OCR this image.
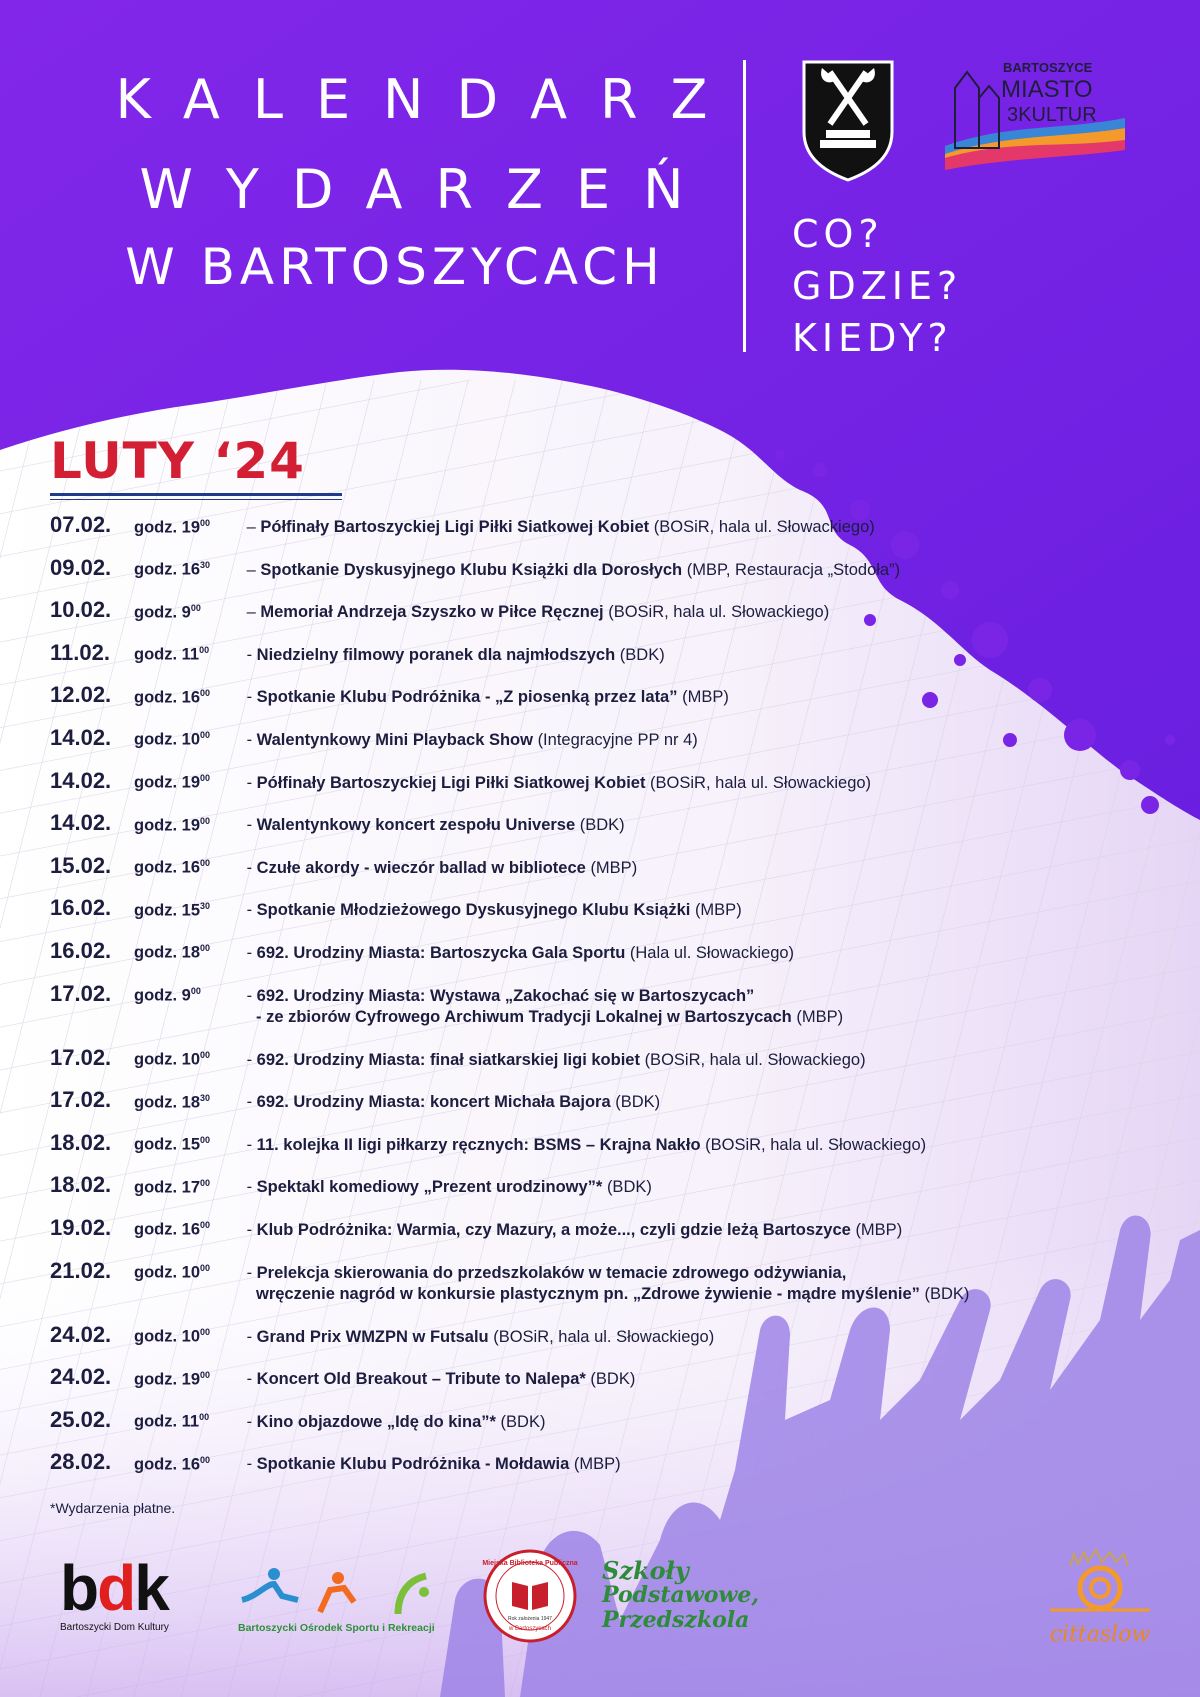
KALENDARZ
WYDARZEŃ
W BARTOSZYCACH
BARTOSZYCE
MIASTO
3KULTUR
CO?
GDZIE?
KIEDY?
LUTY ‘24
07.02.	godz. $19^{00}$	– Półfinały Bartoszyckiej Ligi Piłki Siatkowej Kobiet (BOSiR, hala ul. Słowackiego)
09.02.	godz. $16^{30}$	– Spotkanie Dyskusyjnego Klubu Książki dla Dorosłych (MBP, Restauracja „Stodoła”)
10.02.	godz. $9^{00}$	– Memoriał Andrzeja Szyszko w Piłce Ręcznej (BOSiR, hala ul. Słowackiego)
11.02.	godz. $11^{00}$	- Niedzielny filmowy poranek dla najmłodszych (BDK)
12.02.	godz. $16^{00}$	- Spotkanie Klubu Podróżnika - „Z piosenką przez lata” (MBP)
14.02.	godz. $10^{00}$	- Walentynkowy Mini Playback Show (Integracyjne PP nr 4)
14.02.	godz. $19^{00}$	- Półfinały Bartoszyckiej Ligi Piłki Siatkowej Kobiet (BOSiR, hala ul. Słowackiego)
14.02.	godz. $19^{00}$	- Walentynkowy koncert zespołu Universe (BDK)
15.02.	godz. $16^{00}$	- Czułe akordy - wieczór ballad w bibliotece (MBP)
16.02.	godz. $15^{30}$	- Spotkanie Młodzieżowego Dyskusyjnego Klubu Książki (MBP)
16.02.	godz. $18^{00}$	- 692. Urodziny Miasta: Bartoszycka Gala Sportu (Hala ul. Słowackiego)
17.02.	godz. $9^{00}$	- 692. Urodziny Miasta: Wystawa „Zakochać się w Bartoszycach”
- ze zbiorów Cyfrowego Archiwum Tradycji Lokalnej w Bartoszycach (MBP)
17.02.	godz. $10^{00}$	- 692. Urodziny Miasta: finał siatkarskiej ligi kobiet (BOSiR, hala ul. Słowackiego)
17.02.	godz. $18^{30}$	- 692. Urodziny Miasta: koncert Michała Bajora (BDK)
18.02.	godz. $15^{00}$	- 11. kolejka II ligi piłkarzy ręcznych: BSMS – Krajna Nakło (BOSiR, hala ul. Słowackiego)
18.02.	godz. $17^{00}$	- Spektakl komediowy „Prezent urodzinowy”* (BDK)
19.02.	godz. $16^{00}$	- Klub Podróżnika: Warmia, czy Mazury, a może..., czyli gdzie leżą Bartoszyce (MBP)
21.02.	godz. $10^{00}$	- Prelekcja skierowania do przedszkolaków w temacie zdrowego odżywiania,
wręczenie nagród w konkursie plastycznym pn. „Zdrowe żywienie - mądre myślenie” (BDK)
24.02.	godz. $10^{00}$	- Grand Prix WMZPN w Futsalu (BOSiR, hala ul. Słowackiego)
24.02.	godz. $19^{00}$	- Koncert Old Breakout – Tribute to Nalepa* (BDK)
25.02.	godz. $11^{00}$	- Kino objazdowe „Idę do kina”* (BDK)
28.02.	godz. $16^{00}$	- Spotkanie Klubu Podróżnika - Mołdawia (MBP)
*Wydarzenia płatne.
bdk
Bartoszycki Dom Kultury	Bartoszycki Ośrodek Sportu i Rekreacji
Miejska Biblioteka Publiczna
Rok założenia 1947
w Bartoszycach
Szkoły
Podstawowe,
Przedszkola
cittaslow
